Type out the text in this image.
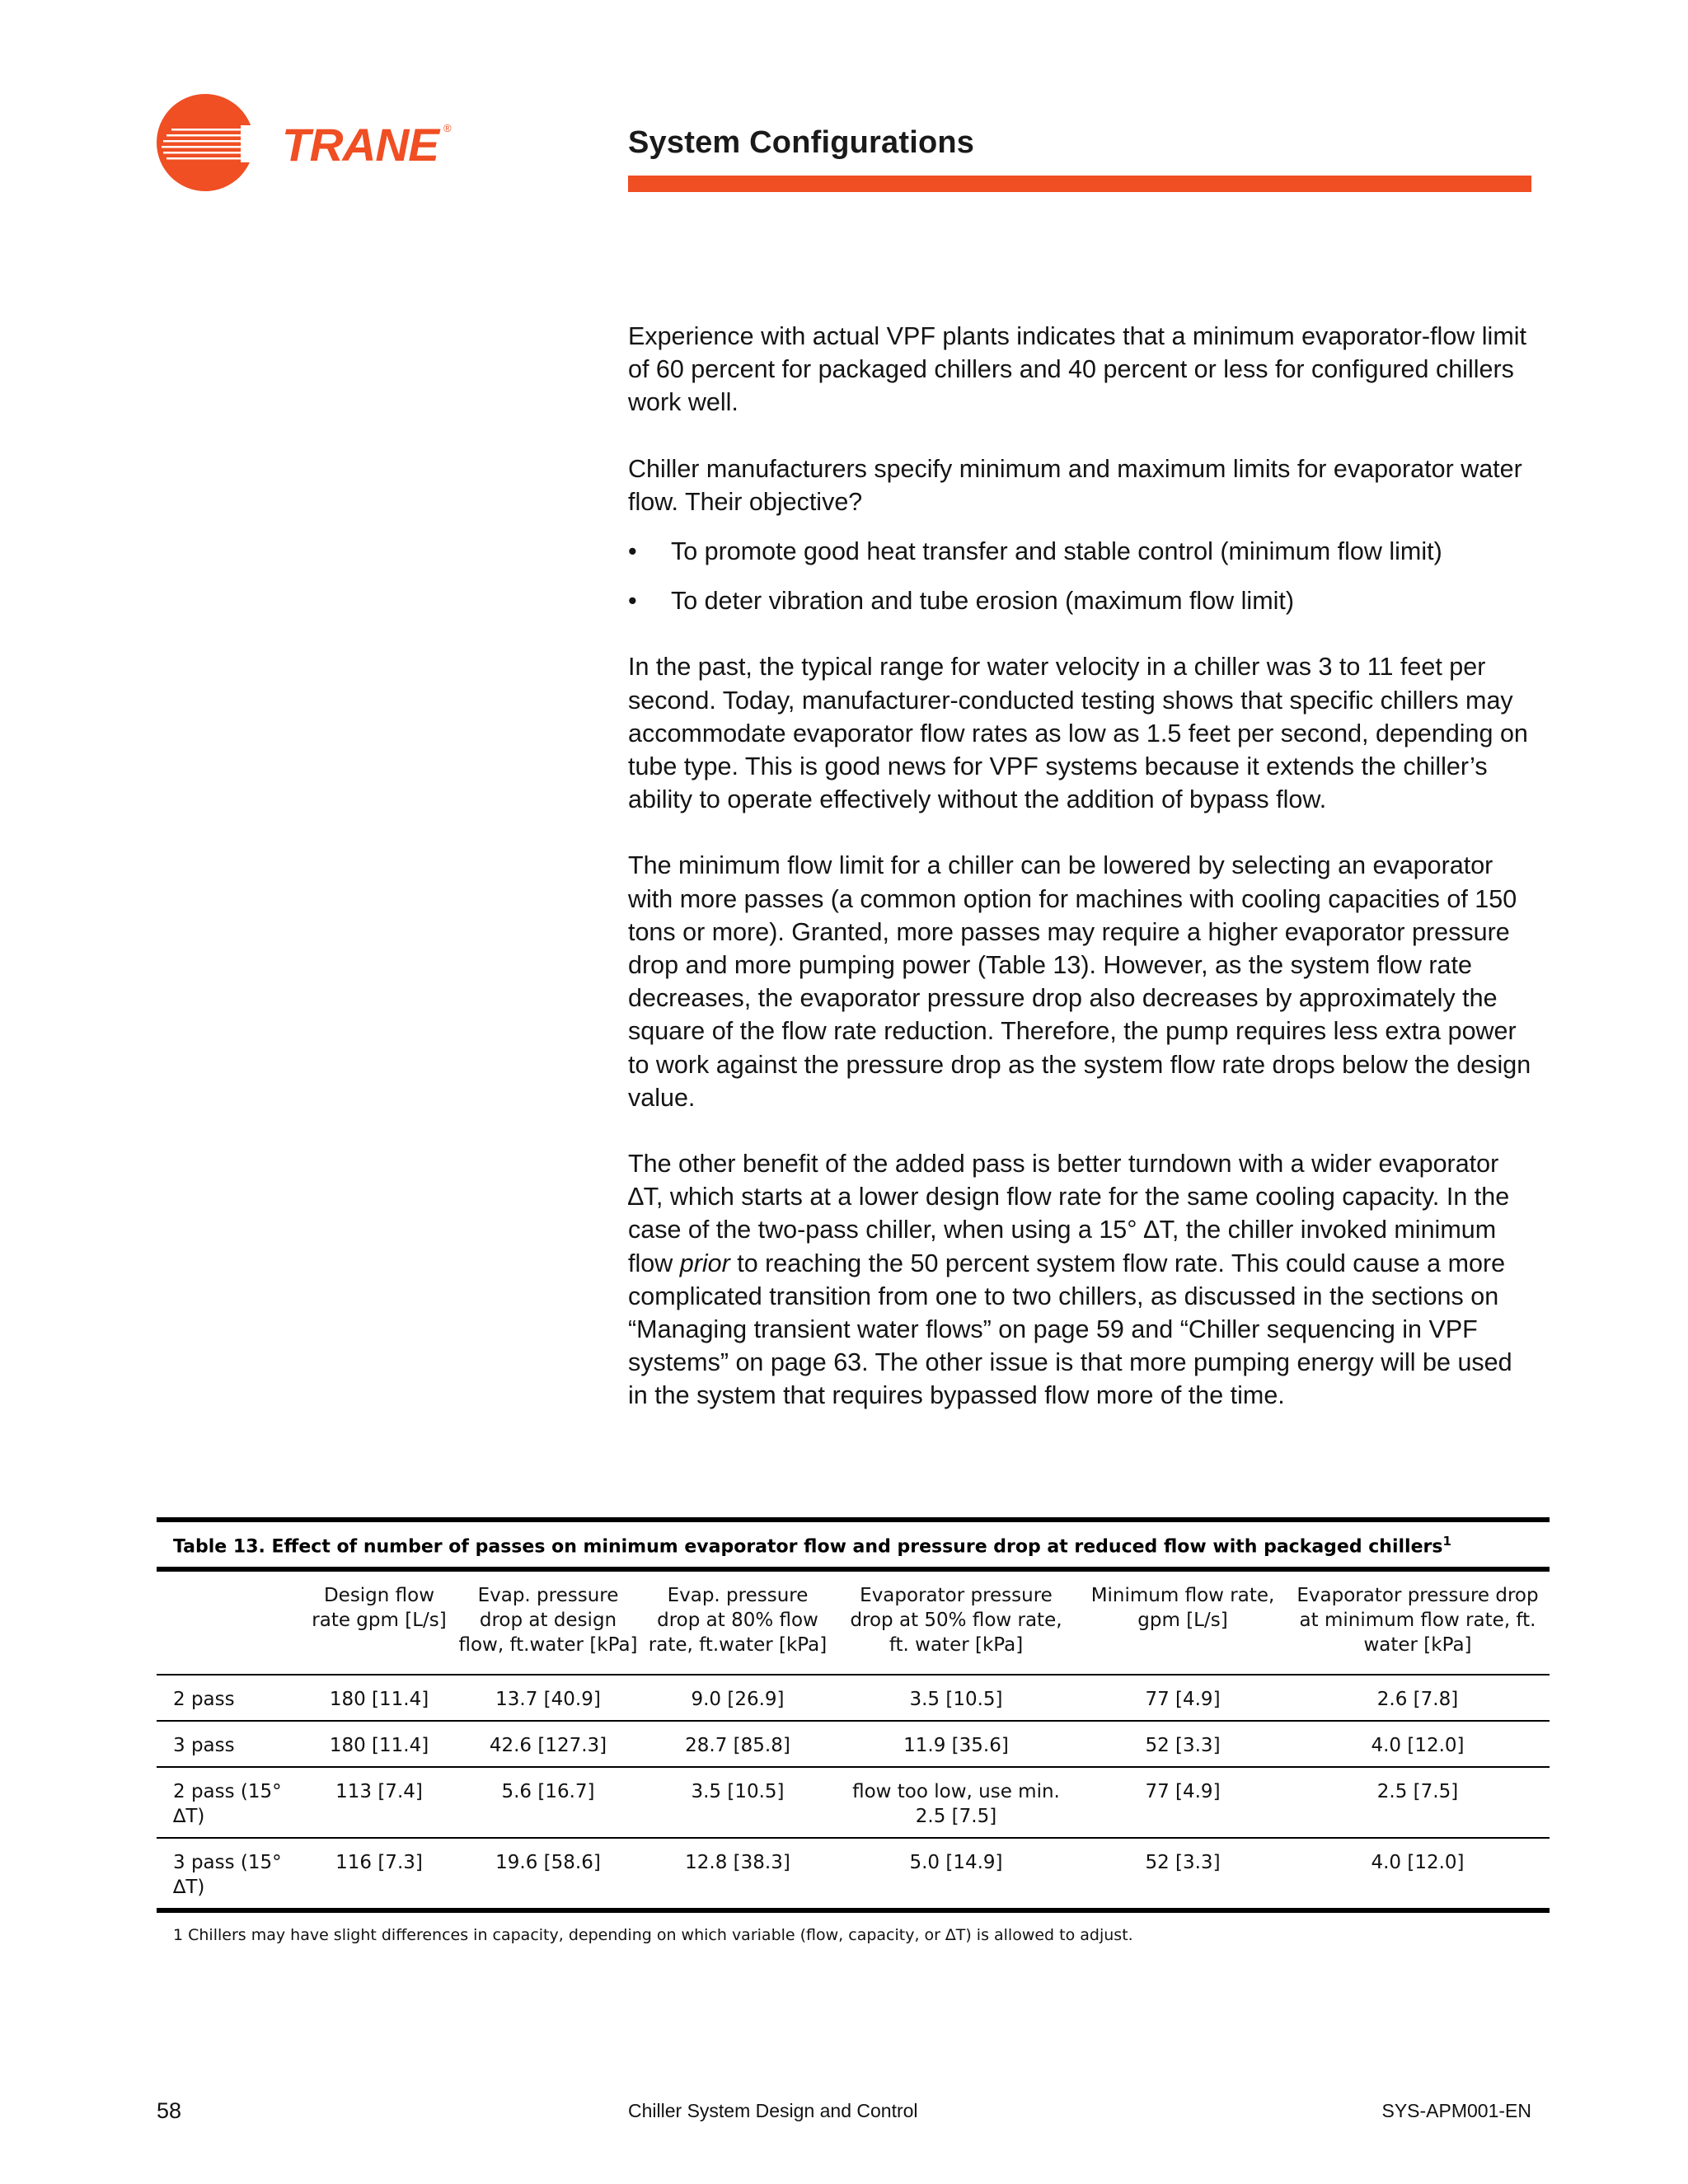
TRANE ®	System Configurations

Experience with actual VPF plants indicates that a minimum evaporator-flow limit of 60 percent for packaged chillers and 40 percent or less for configured chillers work well.

Chiller manufacturers specify minimum and maximum limits for evaporator water flow. Their objective?

• To promote good heat transfer and stable control (minimum flow limit)
• To deter vibration and tube erosion (maximum flow limit)

In the past, the typical range for water velocity in a chiller was 3 to 11 feet per second. Today, manufacturer-conducted testing shows that specific chillers may accommodate evaporator flow rates as low as 1.5 feet per second, depending on tube type. This is good news for VPF systems because it extends the chiller’s ability to operate effectively without the addition of bypass flow.

The minimum flow limit for a chiller can be lowered by selecting an evaporator with more passes (a common option for machines with cooling capacities of 150 tons or more). Granted, more passes may require a higher evaporator pressure drop and more pumping power (Table 13). However, as the system flow rate decreases, the evaporator pressure drop also decreases by approximately the square of the flow rate reduction. Therefore, the pump requires less extra power to work against the pressure drop as the system flow rate drops below the design value.

The other benefit of the added pass is better turndown with a wider evaporator ∆T, which starts at a lower design flow rate for the same cooling capacity. In the case of the two-pass chiller, when using a 15° ∆T, the chiller invoked minimum flow prior to reaching the 50 percent system flow rate. This could cause a more complicated transition from one to two chillers, as discussed in the sections on “Managing transient water flows” on page 59 and “Chiller sequencing in VPF systems” on page 63. The other issue is that more pumping energy will be used in the system that requires bypassed flow more of the time.

Table 13. Effect of number of passes on minimum evaporator flow and pressure drop at reduced flow with packaged chillers$^1$
	Design flow rate gpm [L/s]	Evap. pressure drop at design flow, ft.water [kPa]	Evap. pressure drop at 80% flow rate, ft.water [kPa]	Evaporator pressure drop at 50% flow rate, ft. water [kPa]	Minimum flow rate, gpm [L/s]	Evaporator pressure drop at minimum flow rate, ft. water [kPa]
2 pass	180 [11.4]	13.7 [40.9]	9.0 [26.9]	3.5 [10.5]	77 [4.9]	2.6 [7.8]
3 pass	180 [11.4]	42.6 [127.3]	28.7 [85.8]	11.9 [35.6]	52 [3.3]	4.0 [12.0]
2 pass (15° ∆T)	113 [7.4]	5.6 [16.7]	3.5 [10.5]	flow too low, use min. 2.5 [7.5]	77 [4.9]	2.5 [7.5]
3 pass (15° ∆T)	116 [7.3]	19.6 [58.6]	12.8 [38.3]	5.0 [14.9]	52 [3.3]	4.0 [12.0]
1 Chillers may have slight differences in capacity, depending on which variable (flow, capacity, or ∆T) is allowed to adjust.
58	Chiller System Design and Control	SYS-APM001-EN
